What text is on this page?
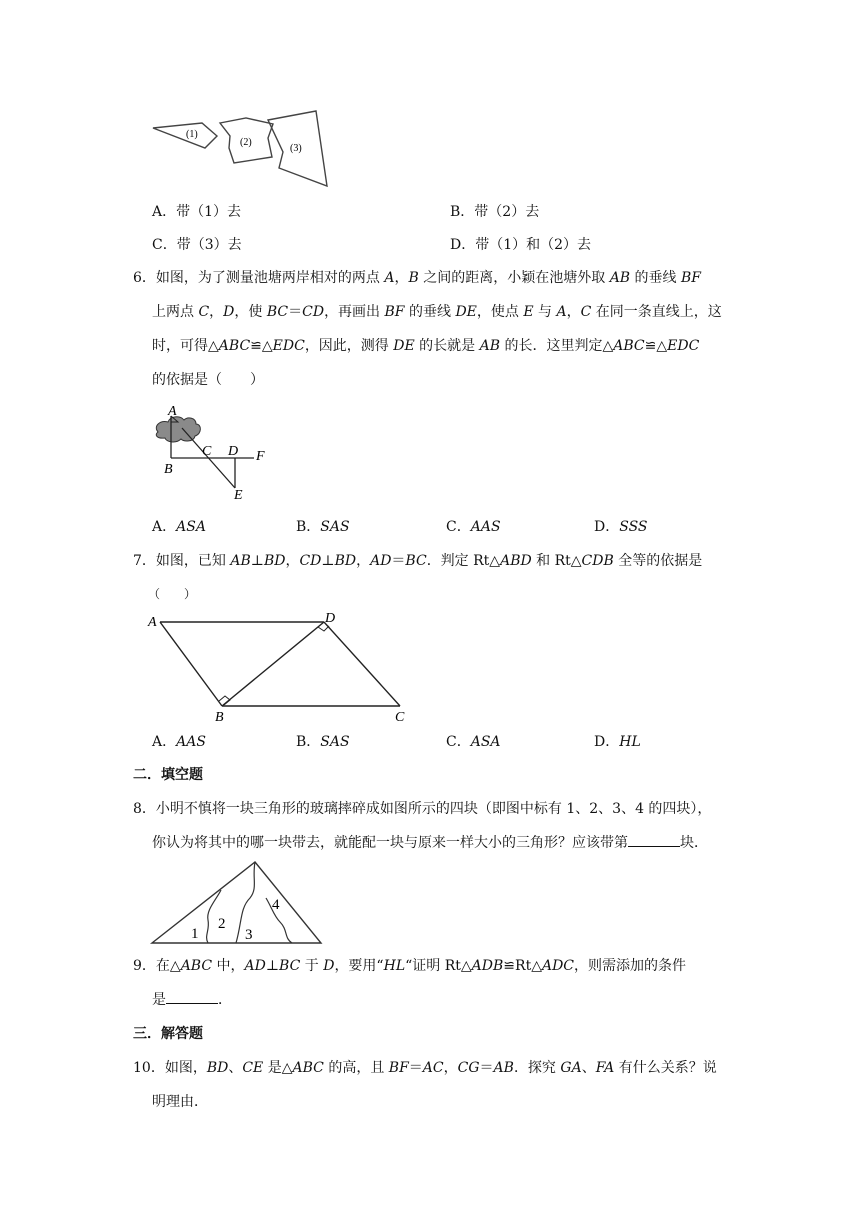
(1)
(2)
(3)
A．带（1）去	B．带（2）去
C．带（3）去	D．带（1）和（2）去
6．如图，为了测量池塘两岸相对的两点 A，B 之间的距离，小颖在池塘外取 AB 的垂线 BF
上两点 C，D，使 BC＝CD，再画出 BF 的垂线 DE，使点 E 与 A，C 在同一条直线上，这
时，可得△ABC≌△EDC，因此，测得 DE 的长就是 AB 的长．这里判定△ABC≌△EDC
的依据是（　　）
A
B
C D F
E
A．ASA	B．SAS	C．AAS	D．SSS
7．如图，已知 AB⊥BD，CD⊥BD，AD＝BC．判定 Rt△ABD 和 Rt△CDB 全等的依据是
（　　）
A	D
B	C
A．AAS	B．SAS	C．ASA	D．HL
二．填空题
8．小明不慎将一块三角形的玻璃摔碎成如图所示的四块（即图中标有 1、2、3、4 的四块），
你认为将其中的哪一块带去，就能配一块与原来一样大小的三角形？应该带第	块．
1
2
3
4
9．在△ABC 中，AD⊥BC 于 D，要用“HL“证明 Rt△ADB≌Rt△ADC，则需添加的条件
是	．
三．解答题
10．如图，BD、CE 是△ABC 的高，且 BF＝AC，CG＝AB．探究 GA、FA 有什么关系？说
明理由．
